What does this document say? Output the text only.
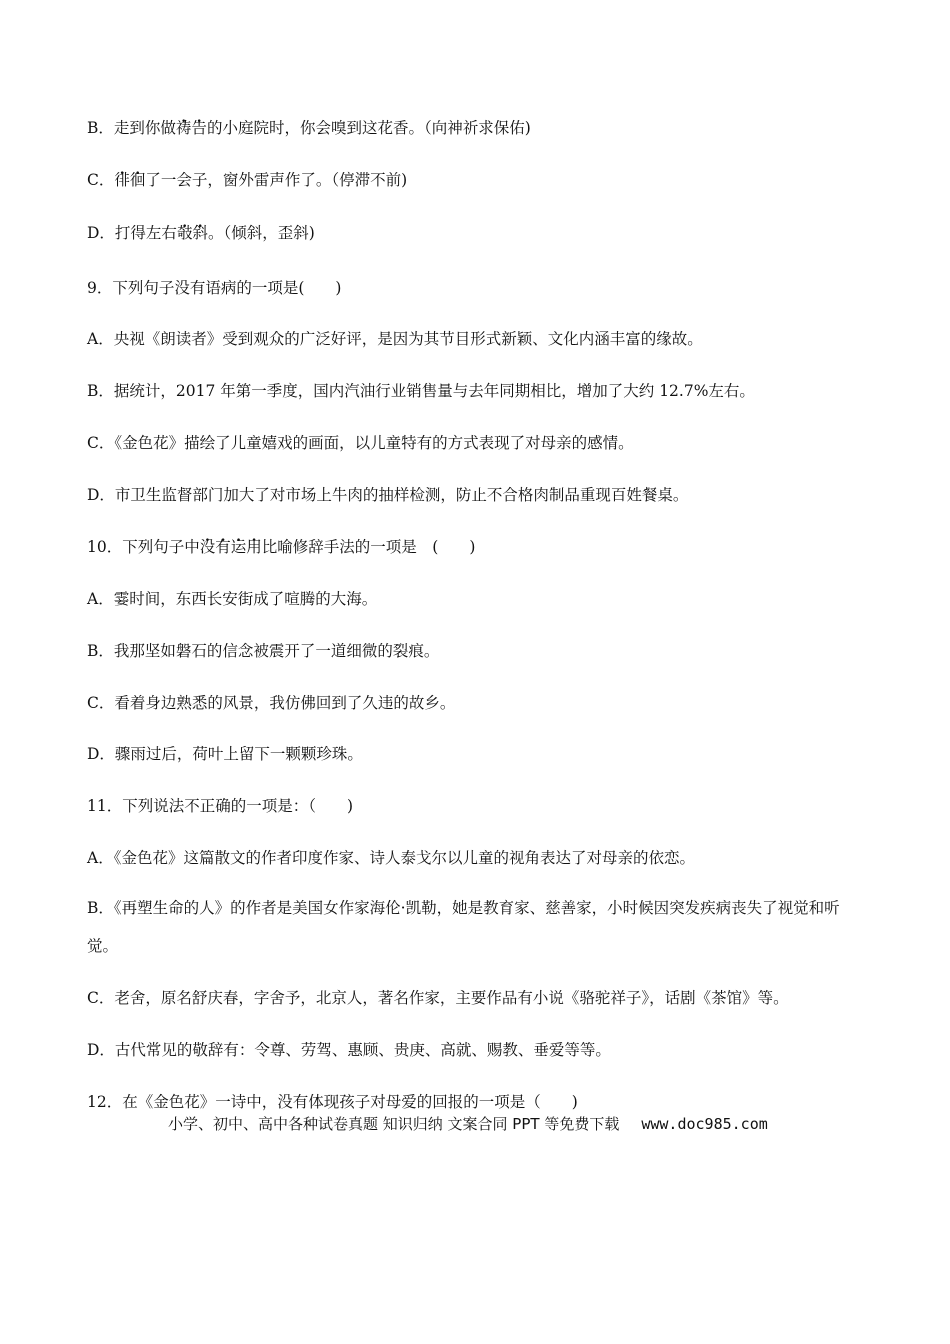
B．走到你做祷告的小庭院时，你会嗅到这花香。（向神祈求保佑)
C．徘徊了一会子，窗外雷声作了。（停滞不前)
D．打得左右攲斜。（倾斜，歪斜)
9．下列句子没有语病的一项是(　　)
A．央视《朗读者》受到观众的广泛好评，是因为其节目形式新颖、文化内涵丰富的缘故。
B．据统计，2017 年第一季度，国内汽油行业销售量与去年同期相比，增加了大约 12.7%左右。
C．《金色花》描绘了儿童嬉戏的画面，以儿童特有的方式表现了对母亲的感情。
D．市卫生监督部门加大了对市场上牛肉的抽样检测，防止不合格肉制品重现百姓餐桌。
10．下列句子中没有运用比喻修辞手法的一项是　(　　)
A．霎时间，东西长安街成了喧腾的大海。
B．我那坚如磐石的信念被震开了一道细微的裂痕。
C．看着身边熟悉的风景，我仿佛回到了久违的故乡。
D．骤雨过后，荷叶上留下一颗颗珍珠。
11．下列说法不正确的一项是：（　　)
A．《金色花》这篇散文的作者印度作家、诗人泰戈尔以儿童的视角表达了对母亲的依恋。
B．《再塑生命的人》的作者是美国女作家海伦·凯勒，她是教育家、慈善家，小时候因突发疾病丧失了视觉和听觉。
C．老舍，原名舒庆春，字舍予，北京人，著名作家，主要作品有小说《骆驼祥子》，话剧《茶馆》等。
D．古代常见的敬辞有：令尊、劳驾、惠顾、贵庚、高就、赐教、垂爱等等。
12．在《金色花》一诗中，没有体现孩子对母爱的回报的一项是（　　)
小学、初中、高中各种试卷真题 知识归纳 文案合同 PPT 等免费下载 www.doc985.com
